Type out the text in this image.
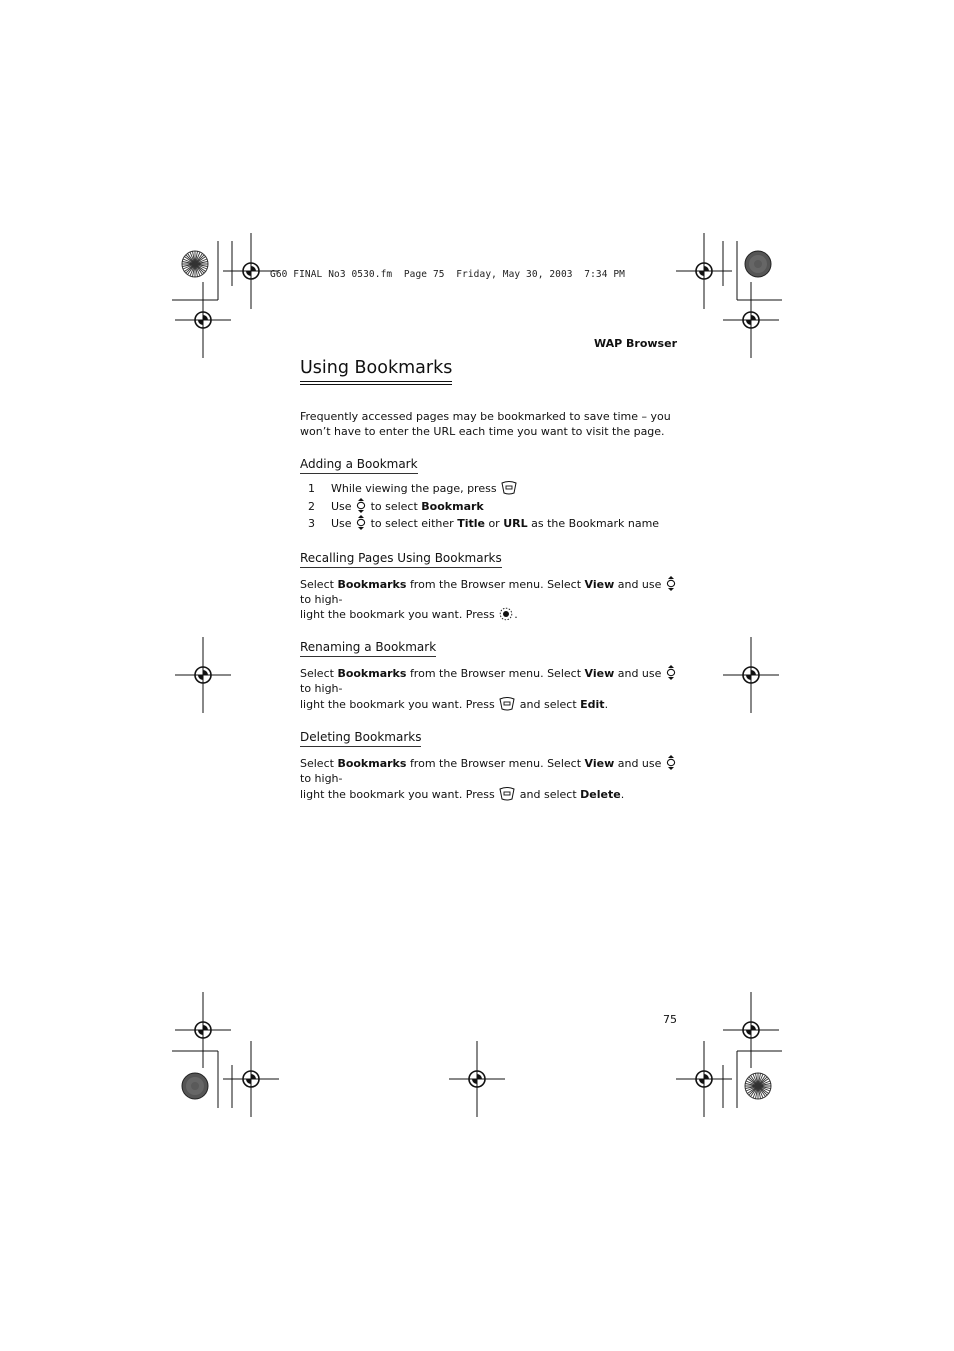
G60 FINAL No3 0530.fm  Page 75  Friday, May 30, 2003  7:34 PM
WAP Browser
Using Bookmarks

Frequently accessed pages may be bookmarked to save time – you won’t have to enter the URL each time you want to visit the page.

Adding a Bookmark
1 While viewing the page, press
2 Use to select Bookmark
3 Use to select either Title or URL as the Bookmark name
Recalling Pages Using Bookmarks

Select Bookmarks from the Browser menu. Select View and use  to high-
light the bookmark you want. Press .

Renaming a Bookmark

Select Bookmarks from the Browser menu. Select View and use  to high-
light the bookmark you want. Press and select Edit.

Deleting Bookmarks

Select Bookmarks from the Browser menu. Select View and use  to high-
light the bookmark you want. Press and select Delete.

75
